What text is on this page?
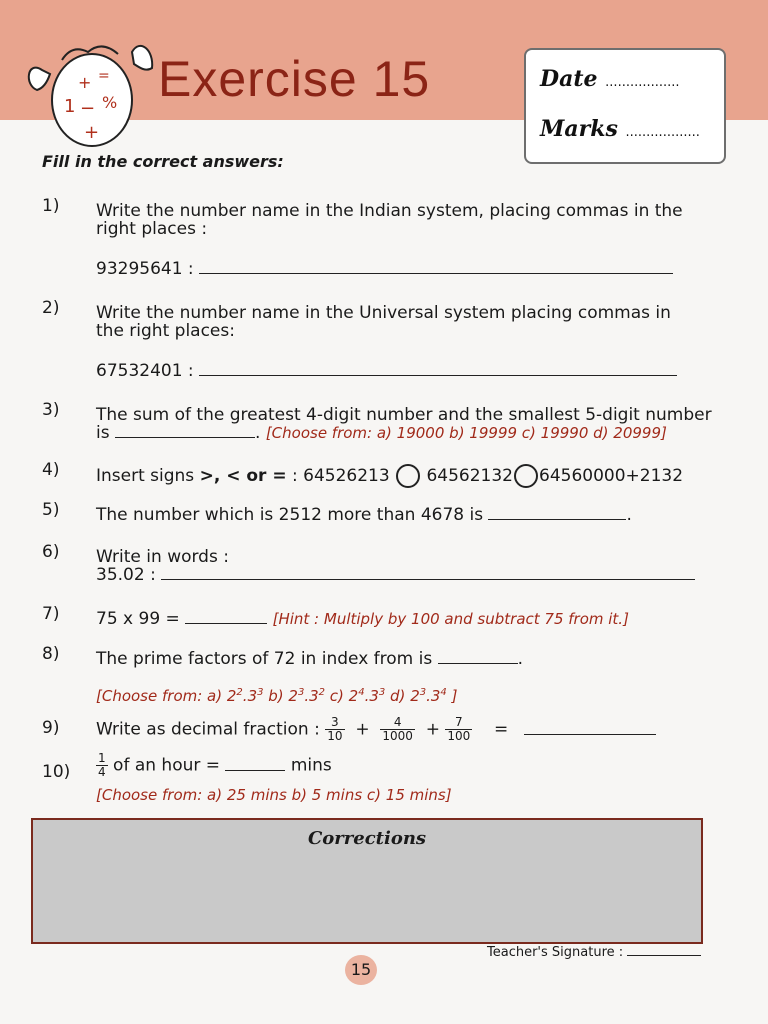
+ =
1 − %
+
Exercise 15	Date ..................
Marks ..................
Fill in the correct answers:
1) Write the number name in the Indian system, placing commas in the
right places :
93295641 :
2) Write the number name in the Universal system placing commas in
the right places:
67532401 :
3) The sum of the greatest 4-digit number and the smallest 5-digit number
is	. [Choose from: a) 19000 b) 19999 c) 19990 d) 20999]
4) Insert signs >, < or = : 64526213  64562132 64560000+2132
5) The number which is 2512 more than 4678 is	.
6) Write in words :
35.02 :
7) 75 x 99 =	[Hint : Multiply by 100 and subtract 75 from it.]
8) The prime factors of 72 in index from is	.
[Choose from: a) $2^2.3^3$ b) $2^3.3^2$ c) $2^4.3^3$ d) $2^3.3^4$ ]
9) Write as decimal fraction : $\frac{3}{10} + \frac{4}{1000} + \frac{7}{100}$ =
$10) \frac{1}{4}$ of an hour =	mins
[Choose from: a) 25 mins b) 5 mins c) 15 mins]
Corrections
Teacher's Signature :
15
